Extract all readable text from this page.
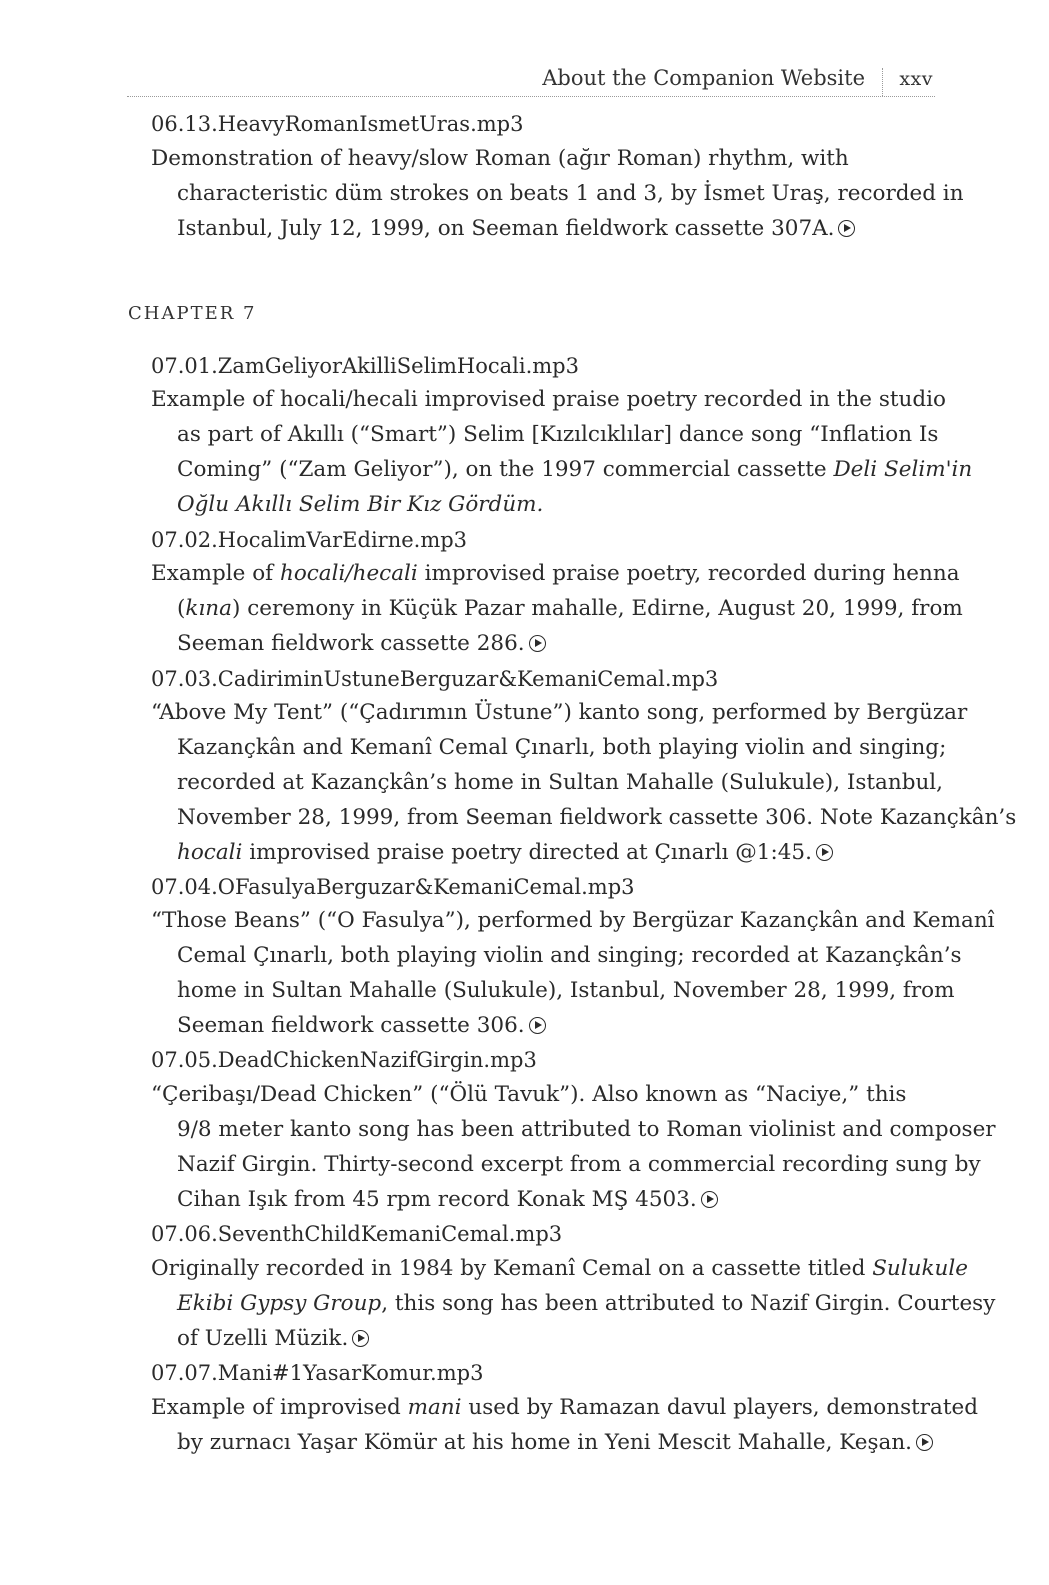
About the Companion Website xxv
06.13.HeavyRomanIsmetUras.mp3
Demonstration of heavy/slow Roman (ağır Roman) rhythm, with
characteristic düm strokes on beats 1 and 3, by İsmet Uraş, recorded in
Istanbul, July 12, 1999, on Seeman fieldwork cassette 307A.
CHAPTER 7
07.01.ZamGeliyorAkilliSelimHocali.mp3
Example of hocali/hecali improvised praise poetry recorded in the studio
as part of Akıllı (“Smart”) Selim [Kızılcıklılar] dance song “Inflation Is
Coming” (“Zam Geliyor”), on the 1997 commercial cassette Deli Selim'in
Oğlu Akıllı Selim Bir Kız Gördüm.
07.02.HocalimVarEdirne.mp3
Example of hocali/hecali improvised praise poetry, recorded during henna
(kına) ceremony in Küçük Pazar mahalle, Edirne, August 20, 1999, from
Seeman fieldwork cassette 286.
07.03.CadiriminUstuneBerguzar&KemaniCemal.mp3
“Above My Tent” (“Çadırımın Üstune”) kanto song, performed by Bergüzar
Kazançkân and Kemanî Cemal Çınarlı, both playing violin and singing;
recorded at Kazançkân’s home in Sultan Mahalle (Sulukule), Istanbul,
November 28, 1999, from Seeman fieldwork cassette 306. Note Kazançkân’s
hocali improvised praise poetry directed at Çınarlı @1:45.
07.04.OFasulyaBerguzar&KemaniCemal.mp3
“Those Beans” (“O Fasulya”), performed by Bergüzar Kazançkân and Kemanî
Cemal Çınarlı, both playing violin and singing; recorded at Kazançkân’s
home in Sultan Mahalle (Sulukule), Istanbul, November 28, 1999, from
Seeman fieldwork cassette 306.
07.05.DeadChickenNazifGirgin.mp3
“Çeribaşı/Dead Chicken” (“Ölü Tavuk”). Also known as “Naciye,” this
9/8 meter kanto song has been attributed to Roman violinist and composer
Nazif Girgin. Thirty-second excerpt from a commercial recording sung by
Cihan Işık from 45 rpm record Konak MŞ 4503.
07.06.SeventhChildKemaniCemal.mp3
Originally recorded in 1984 by Kemanî Cemal on a cassette titled Sulukule
Ekibi Gypsy Group, this song has been attributed to Nazif Girgin. Courtesy
of Uzelli Müzik.
07.07.Mani#1YasarKomur.mp3
Example of improvised mani used by Ramazan davul players, demonstrated
by zurnacı Yaşar Kömür at his home in Yeni Mescit Mahalle, Keşan.
